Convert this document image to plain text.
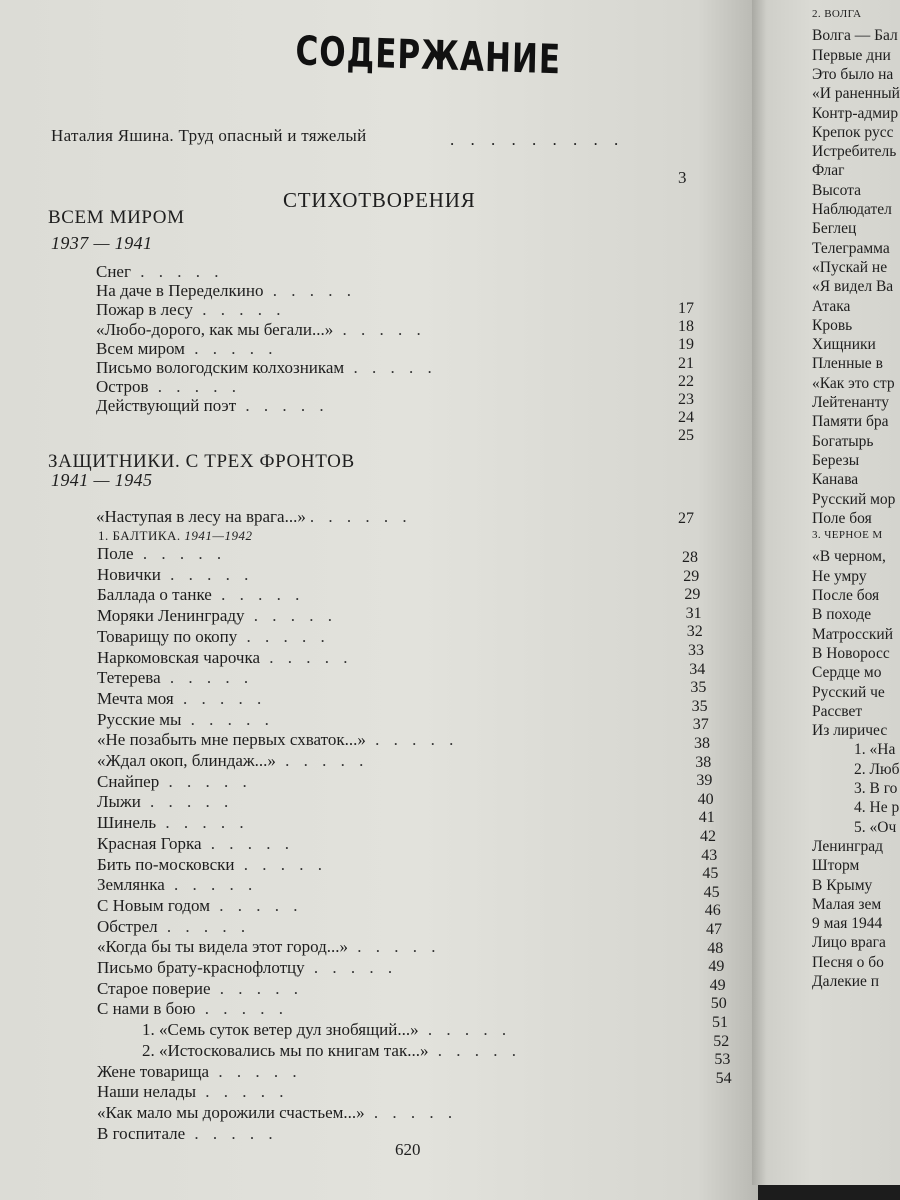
СОДЕРЖАНИЕ
Наталия Яшина. Труд опасный и тяжелый	. . . . . . . . .
3
СТИХОТВОРЕНИЯ
ВСЕМ МИРОМ
1937 — 1941
ЗАЩИТНИКИ. С ТРЕХ ФРОНТОВ
1941 — 1945
«Наступая в лесу на врага...» . . . . . .	27
1. БАЛТИКА. 1941—1942
Снег . . . . .
На даче в Переделкино . . . . .
Пожар в лесу . . . . .
«Любо-дорого, как мы бегали...» . . . . .
Всем миром . . . . .
Письмо вологодским колхозникам . . . . .
Остров . . . . .
Действующий поэт . . . . .
17
18
19
21
22
23
24
25
Поле . . . . .
Новички . . . . .
Баллада о танке . . . . .
Моряки Ленинграду . . . . .
Товарищу по окопу . . . . .
Наркомовская чарочка . . . . .
Тетерева . . . . .
Мечта моя . . . . .
Русские мы . . . . .
«Не позабыть мне первых схваток...» . . . . .
«Ждал окоп, блиндаж...» . . . . .
Снайпер . . . . .
Лыжи . . . . .
Шинель . . . . .
Красная Горка . . . . .
Бить по-московски . . . . .
Землянка . . . . .
С Новым годом . . . . .
Обстрел . . . . .
«Когда бы ты видела этот город...» . . . . .
Письмо брату-краснофлотцу . . . . .
Старое поверие . . . . .
С нами в бою . . . . .
1. «Семь суток ветер дул знобящий...» . . . . .
2. «Истосковались мы по книгам так...» . . . . .
Жене товарища . . . . .
Наши нелады . . . . .
«Как мало мы дорожили счастьем...» . . . . .
В госпитале . . . . .
28
29
29
31
32
33
34
35
35
37
38
38
39
40
41
42
43
45
45
46
47
48
49
49
50
51
52
53
54
620
2. ВОЛГА
Волга — Бал
Первые дни
Это было на
«И раненный
Контр-адмир
Крепок русс
Истребитель
Флаг
Высота
Наблюдател
Беглец
Телеграмма
«Пускай не
«Я видел Ва
Атака
Кровь
Хищники
Пленные в
«Как это стр
Лейтенанту
Памяти бра
Богатырь
Березы
Канава
Русский мор
Поле боя
3. ЧЕРНОЕ М
«В черном,
Не умру
После боя
В походе
Матросский
В Новоросс
Сердце мо
Русский че
Рассвет
Из лиричес
1. «На
2. Люб
3. В го
4. Не р
5. «Оч
Ленинград
Шторм
В Крыму
Малая зем
9 мая 1944
Лицо врага
Песня о бо
Далекие п
